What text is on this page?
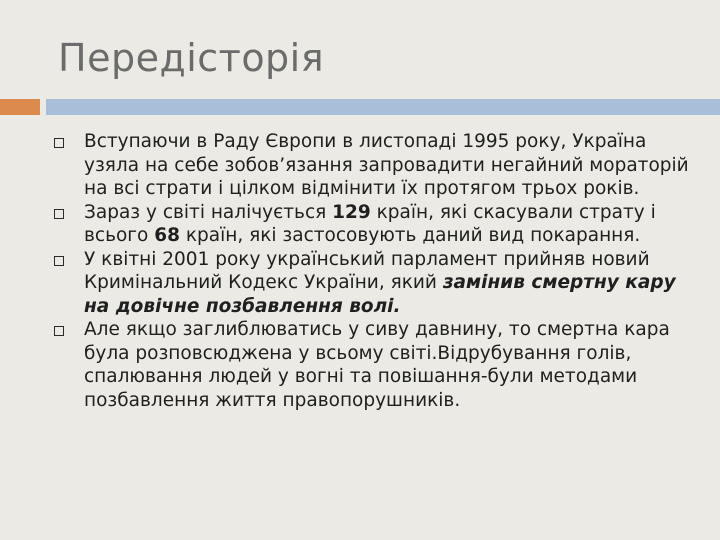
Передісторія
Вступаючи в Раду Європи в листопаді 1995 року, Україна узяла на себе зобов’язання запровадити негайний мораторій на всі страти і цілком відмінити їх протягом трьох років.
Зараз у світі налічується 129 країн, які скасували страту і всього 68 країн, які застосовують даний вид покарання.
У квітні 2001 року український парламент прийняв новий Кримінальний Кодекс України, який замінив смертну кару на довічне позбавлення волі.
Але якщо заглиблюватись у сиву давнину, то смертна кара була розповсюджена у всьому світі.Відрубування голів, спалювання людей у вогні та повішання-були методами позбавлення життя правопорушників.
